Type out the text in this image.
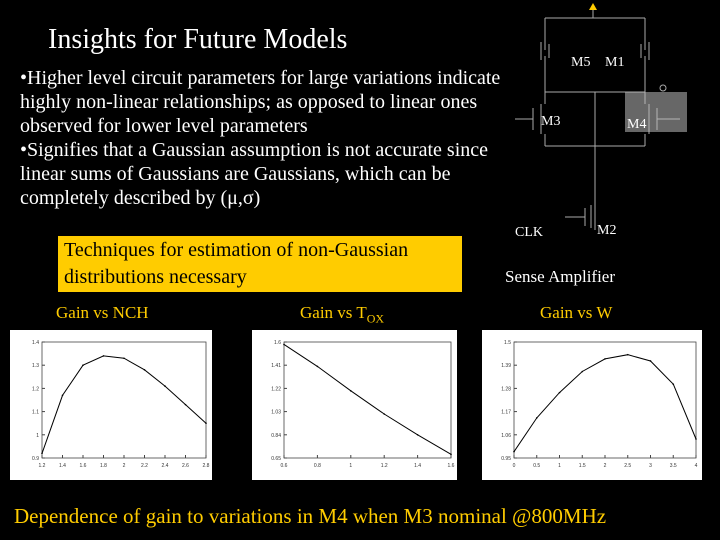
Insights for Future Models

•Higher level circuit parameters for large variations indicate highly non-linear relationships; as opposed to linear ones observed for lower level parameters

•Signifies that a Gaussian assumption is not accurate since linear sums of Gaussians are Gaussians, which can be completely described by (μ,σ)

Techniques for estimation of non-Gaussian distributions necessary
Gain vs NCH	Gain vs $T_{OX}$	Gain vs W
M5 M1
M3	M4
M2
CLK
Sense Amplifier
1.2	1.4	1.6	1.8	2	2.2	2.4	2.6	2.8
0.9
1
1.1
1.2
1.3
1.4
0.6	0.8	1	1.2	1.4	1.6
0.65
0.84
1.03
1.22
1.41
1.6
0	0.5	1	1.5	2	2.5	3	3.5	4
0.95
1.06
1.17
1.28
1.39
1.5
Dependence of gain to variations in M4 when M3 nominal @800MHz
